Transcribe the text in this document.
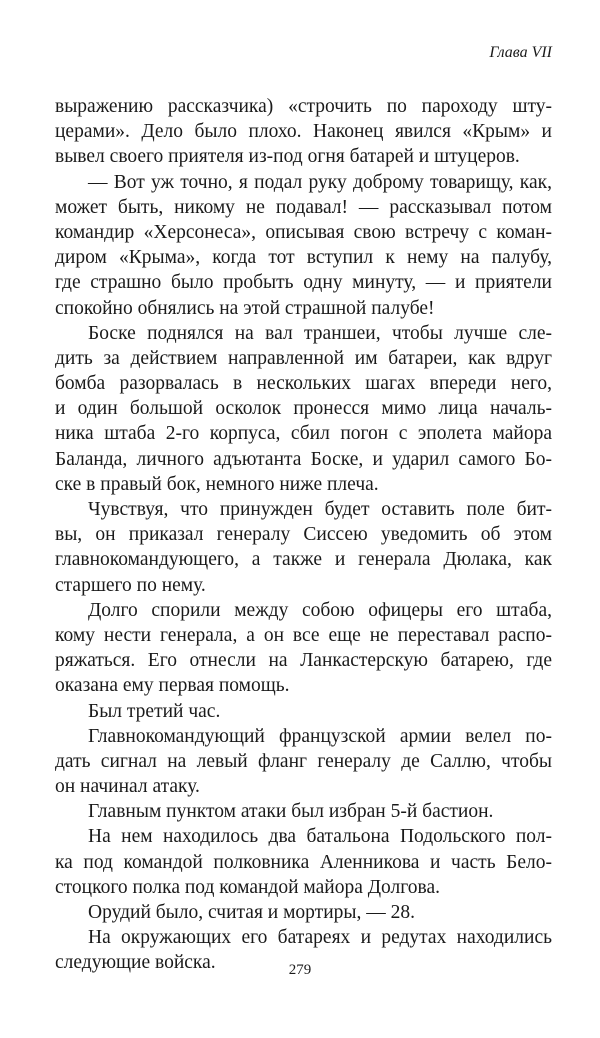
Глава VII
выражению рассказчика) «строчить по пароходу шту-
церами». Дело было плохо. Наконец явился «Крым» и
вывел своего приятеля из-под огня батарей и штуцеров.
— Вот уж точно, я подал руку доброму товарищу, как,
может быть, никому не подавал! — рассказывал потом
командир «Херсонеса», описывая свою встречу с коман-
диром «Крыма», когда тот вступил к нему на палубу,
где страшно было пробыть одну минуту, — и приятели
спокойно обнялись на этой страшной палубе!
Боске поднялся на вал траншеи, чтобы лучше сле-
дить за действием направленной им батареи, как вдруг
бомба разорвалась в нескольких шагах впереди него,
и один большой осколок пронесся мимо лица началь-
ника штаба 2-го корпуса, сбил погон с эполета майора
Баланда, личного адъютанта Боске, и ударил самого Бо-
ске в правый бок, немного ниже плеча.
Чувствуя, что принужден будет оставить поле бит-
вы, он приказал генералу Сиссею уведомить об этом
главнокомандующего, а также и генерала Дюлака, как
старшего по нему.
Долго спорили между собою офицеры его штаба,
кому нести генерала, а он все еще не переставал распо-
ряжаться. Его отнесли на Ланкастерскую батарею, где
оказана ему первая помощь.
Был третий час.
Главнокомандующий французской армии велел по-
дать сигнал на левый фланг генералу де Саллю, чтобы
он начинал атаку.
Главным пунктом атаки был избран 5-й бастион.
На нем находилось два батальона Подольского пол-
ка под командой полковника Аленникова и часть Бело-
стоцкого полка под командой майора Долгова.
Орудий было, считая и мортиры, — 28.
На окружающих его батареях и редутах находились
следующие войска.	279
